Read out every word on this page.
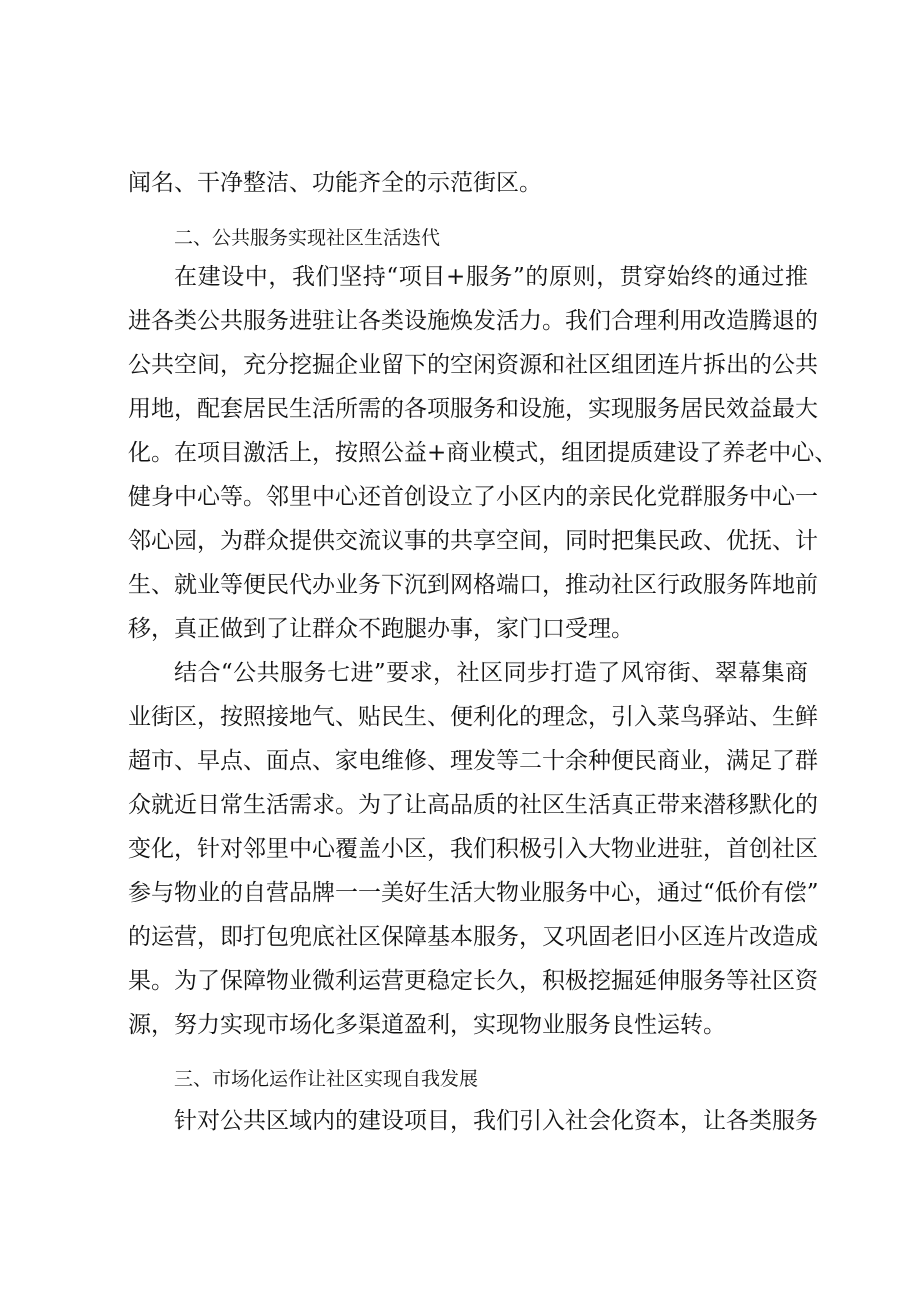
闻名、干净整洁、功能齐全的示范街区。
二、公共服务实现社区生活迭代
在建设中，我们坚持“项目+服务”的原则，贯穿始终的通过推
进各类公共服务进驻让各类设施焕发活力。我们合理利用改造腾退的
公共空间，充分挖掘企业留下的空闲资源和社区组团连片拆出的公共
用地，配套居民生活所需的各项服务和设施，实现服务居民效益最大
化。在项目激活上，按照公益+商业模式，组团提质建设了养老中心、
健身中心等。邻里中心还首创设立了小区内的亲民化党群服务中心一
邻心园，为群众提供交流议事的共享空间，同时把集民政、优抚、计
生、就业等便民代办业务下沉到网格端口，推动社区行政服务阵地前
移，真正做到了让群众不跑腿办事，家门口受理。
结合“公共服务七进”要求，社区同步打造了风帘街、翠幕集商
业街区，按照接地气、贴民生、便利化的理念，引入菜鸟驿站、生鲜
超市、早点、面点、家电维修、理发等二十余种便民商业，满足了群
众就近日常生活需求。为了让高品质的社区生活真正带来潜移默化的
变化，针对邻里中心覆盖小区，我们积极引入大物业进驻，首创社区
参与物业的自营品牌一一美好生活大物业服务中心，通过“低价有偿”
的运营，即打包兜底社区保障基本服务，又巩固老旧小区连片改造成
果。为了保障物业微利运营更稳定长久，积极挖掘延伸服务等社区资
源，努力实现市场化多渠道盈利，实现物业服务良性运转。
三、市场化运作让社区实现自我发展
针对公共区域内的建设项目，我们引入社会化资本，让各类服务
